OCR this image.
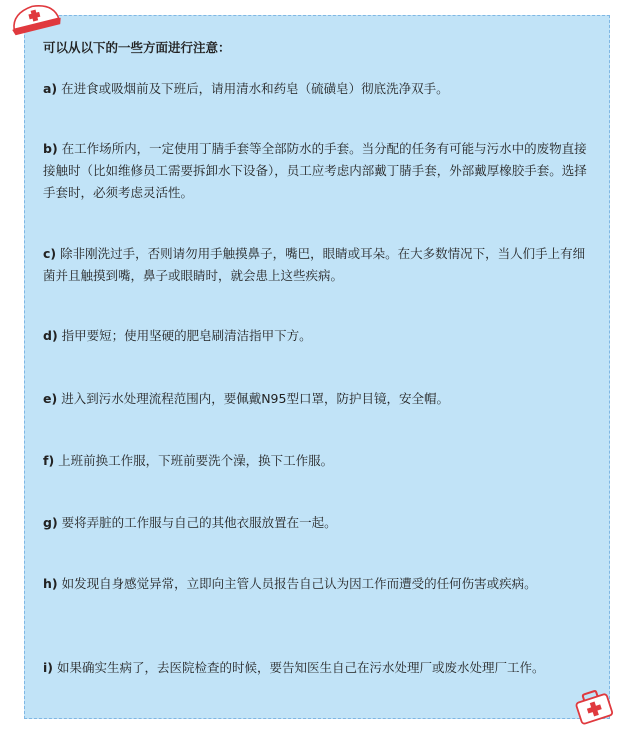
可以从以下的一些方面进行注意：
a) 在进食或吸烟前及下班后，请用清水和药皂（硫磺皂）彻底洗净双手。
b) 在工作场所内，一定使用丁腈手套等全部防水的手套。当分配的任务有可能与污水中的废物直接接触时（比如维修员工需要拆卸水下设备），员工应考虑内部戴丁腈手套，外部戴厚橡胶手套。选择手套时，必须考虑灵活性。
c) 除非刚洗过手，否则请勿用手触摸鼻子，嘴巴，眼睛或耳朵。在大多数情况下，当人们手上有细菌并且触摸到嘴，鼻子或眼睛时，就会患上这些疾病。
d) 指甲要短；使用坚硬的肥皂刷清洁指甲下方。
e) 进入到污水处理流程范围内，要佩戴N95型口罩，防护目镜，安全帽。
f) 上班前换工作服，下班前要洗个澡，换下工作服。
g) 要将弄脏的工作服与自己的其他衣服放置在一起。
h) 如发现自身感觉异常，立即向主管人员报告自己认为因工作而遭受的任何伤害或疾病。
i) 如果确实生病了，去医院检查的时候，要告知医生自己在污水处理厂或废水处理厂工作。
